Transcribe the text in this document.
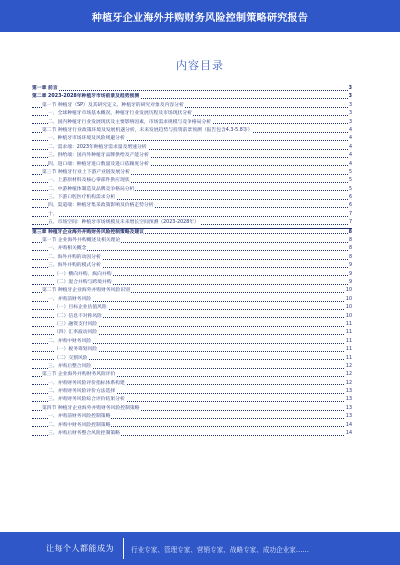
种植牙企业海外并购财务风险控制策略研究报告
内容目录
第一章 前言	3
第二章 2023-2028年种植牙市场前景及趋势预测	3
第一节 种植牙（SP）及其研究定义、种植牙的研究对象及内容分析	3
一、全球种植牙市场基本概况，种植牙行业发展历程及市场现状分析	3
二、国内种植牙行业发展现状及主要影响因素，市场需求规模与竞争格局分析	3
第二节 种植牙行业政策环境及发展机遇分析，未来发展趋势与投资前景预测（报告包含4.3-5.8等）	4
一、种植牙市场环境及风险规避分析	4
二、需求端：2023年种植牙需求量及增速分析	4
三、供给端：国内外种植牙品牌供给及产能分析	4
四、进口端：种植牙进口数量及进口依赖度分析	4
第三节 种植牙行业上下游产业链发展分析	5
一、上游原材料及核心零部件供应现状	5
二、中游种植体制造及品牌竞争格局分析	5
三、下游口腔医疗机构需求分析	6
四、渠道端：种植牙集采政策影响及价格走势分析	6
十、	7
五、市场空间：种植牙市场规模及未来增长空间预测（2023-2028年）	7
第三章 种植牙企业海外并购财务风险控制策略及建议	8
第一节 企业海外并购概述及相关理论	8
一、并购相关概念	8
二、海外并购的动因分析	8
三、海外并购的模式分析	9
（一）横向并购、纵向并购	9
（二）混合并购与跨境并购	9
第二节 种植牙企业海外并购财务风险识别	10
一、并购前财务风险	10
（一）目标企业估值风险	10
（二）信息不对称风险	10
（三）融资支付风险	11
（四）汇率波动风险	11
二、并购中财务风险	11
（一）税务筹划风险	11
（二）交割风险	11
三、并购后整合风险	12
第三节 企业海外并购财务风险评价	12
一、并购财务风险评价指标体系构建	12
二、并购财务风险评价方法选择	13
三、并购财务风险综合评价结果分析	13
第四节 种植牙企业海外并购财务风险控制策略	13
一、并购前财务风险控制策略	13
二、并购中财务风险控制策略	14
三、并购后财务整合风险控制策略	14
让每个人都能成为	行业专家、管理专家、营销专家、战略专家、成功企业家……
